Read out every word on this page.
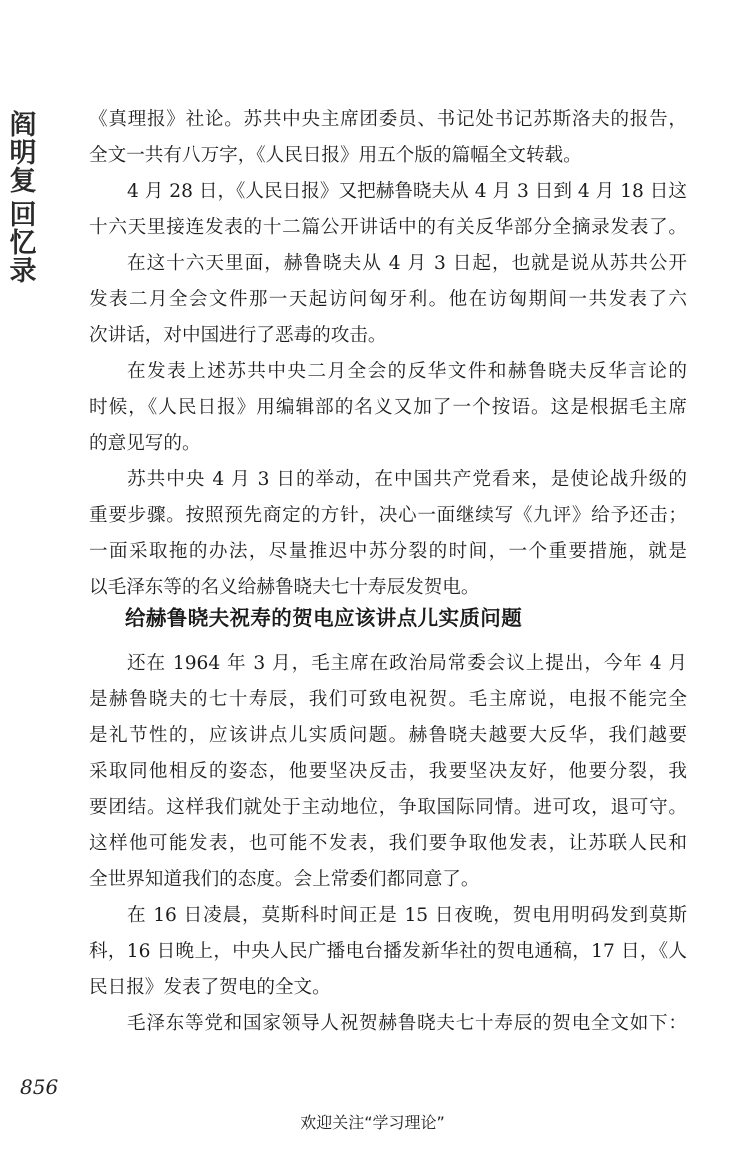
阎
明
复
回
忆
录
《真理报》社论。苏共中央主席团委员、书记处书记苏斯洛夫的报告，
全文一共有八万字，《人民日报》用五个版的篇幅全文转载。
4 月 28 日，《人民日报》又把赫鲁晓夫从 4 月 3 日到 4 月 18 日这
十六天里接连发表的十二篇公开讲话中的有关反华部分全摘录发表了。
在这十六天里面，赫鲁晓夫从 4 月 3 日起，也就是说从苏共公开
发表二月全会文件那一天起访问匈牙利。他在访匈期间一共发表了六
次讲话，对中国进行了恶毒的攻击。
在发表上述苏共中央二月全会的反华文件和赫鲁晓夫反华言论的
时候，《人民日报》用编辑部的名义又加了一个按语。这是根据毛主席
的意见写的。
苏共中央 4 月 3 日的举动，在中国共产党看来，是使论战升级的
重要步骤。按照预先商定的方针，决心一面继续写《九评》给予还击；
一面采取拖的办法，尽量推迟中苏分裂的时间，一个重要措施，就是
以毛泽东等的名义给赫鲁晓夫七十寿辰发贺电。
给赫鲁晓夫祝寿的贺电应该讲点儿实质问题
还在 1964 年 3 月，毛主席在政治局常委会议上提出，今年 4 月
是赫鲁晓夫的七十寿辰，我们可致电祝贺。毛主席说，电报不能完全
是礼节性的，应该讲点儿实质问题。赫鲁晓夫越要大反华，我们越要
采取同他相反的姿态，他要坚决反击，我要坚决友好，他要分裂，我
要团结。这样我们就处于主动地位，争取国际同情。进可攻，退可守。
这样他可能发表，也可能不发表，我们要争取他发表，让苏联人民和
全世界知道我们的态度。会上常委们都同意了。
在 16 日凌晨，莫斯科时间正是 15 日夜晚，贺电用明码发到莫斯
科，16 日晚上，中央人民广播电台播发新华社的贺电通稿，17 日，《人
民日报》发表了贺电的全文。
毛泽东等党和国家领导人祝贺赫鲁晓夫七十寿辰的贺电全文如下：
856
欢迎关注“学习理论”
